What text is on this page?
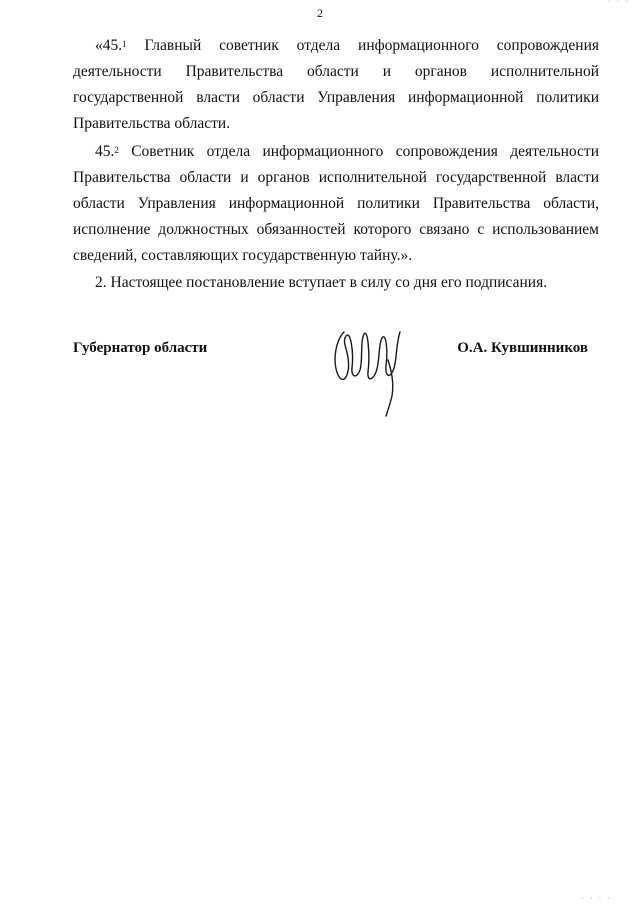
2
· · ·

«45.$^1$ Главный советник отдела информационного сопровождения деятельности Правительства области и органов исполнительной государственной власти области Управления информационной политики Правительства области.

45.$^2$ Советник отдела информационного сопровождения деятельности Правительства области и органов исполнительной государственной власти области Управления информационной политики Правительства области, исполнение должностных обязанностей которого связано с использованием сведений, составляющих государственную тайну.».

2. Настоящее постановление вступает в силу со дня его подписания.

Губернатор области	О.А. Кувшинников
· · · ·
